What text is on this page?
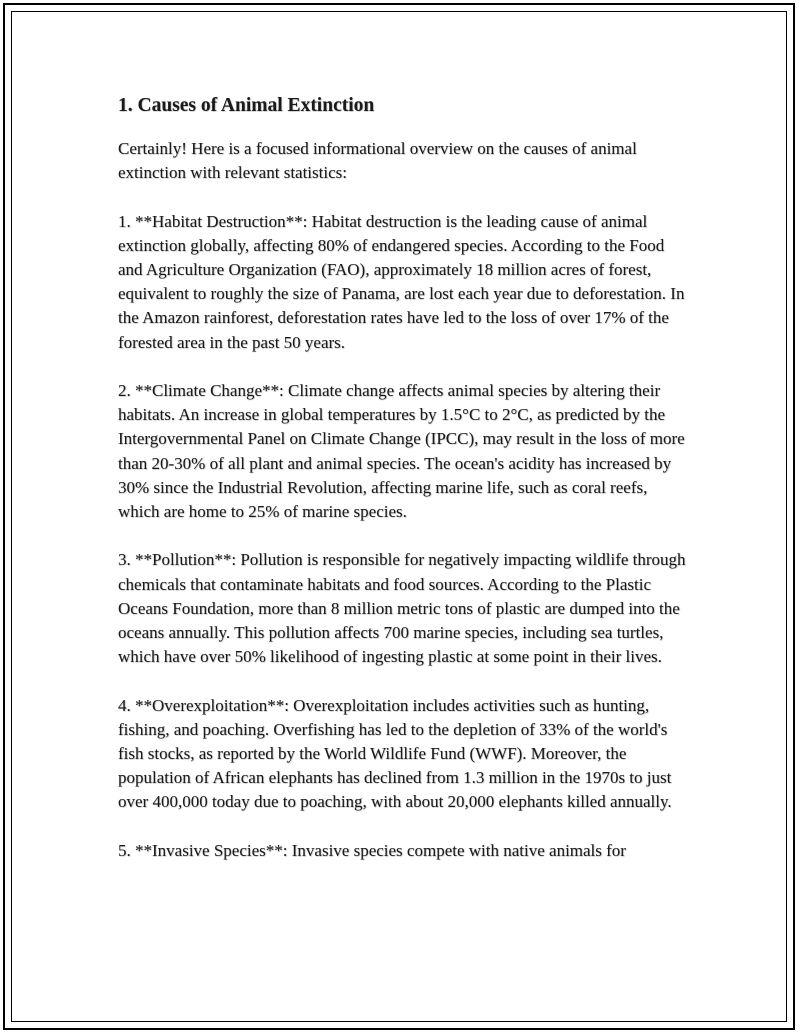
1. Causes of Animal Extinction

Certainly! Here is a focused informational overview on the causes of animal extinction with relevant statistics:

1. **Habitat Destruction**: Habitat destruction is the leading cause of animal extinction globally, affecting 80% of endangered species. According to the Food and Agriculture Organization (FAO), approximately 18 million acres of forest, equivalent to roughly the size of Panama, are lost each year due to deforestation. In the Amazon rainforest, deforestation rates have led to the loss of over 17% of the forested area in the past 50 years.

2. **Climate Change**: Climate change affects animal species by altering their habitats. An increase in global temperatures by 1.5°C to 2°C, as predicted by the Intergovernmental Panel on Climate Change (IPCC), may result in the loss of more than 20-30% of all plant and animal species. The ocean's acidity has increased by 30% since the Industrial Revolution, affecting marine life, such as coral reefs, which are home to 25% of marine species.

3. **Pollution**: Pollution is responsible for negatively impacting wildlife through chemicals that contaminate habitats and food sources. According to the Plastic Oceans Foundation, more than 8 million metric tons of plastic are dumped into the oceans annually. This pollution affects 700 marine species, including sea turtles, which have over 50% likelihood of ingesting plastic at some point in their lives.

4. **Overexploitation**: Overexploitation includes activities such as hunting, fishing, and poaching. Overfishing has led to the depletion of 33% of the world's fish stocks, as reported by the World Wildlife Fund (WWF). Moreover, the population of African elephants has declined from 1.3 million in the 1970s to just over 400,000 today due to poaching, with about 20,000 elephants killed annually.

5. **Invasive Species**: Invasive species compete with native animals for
